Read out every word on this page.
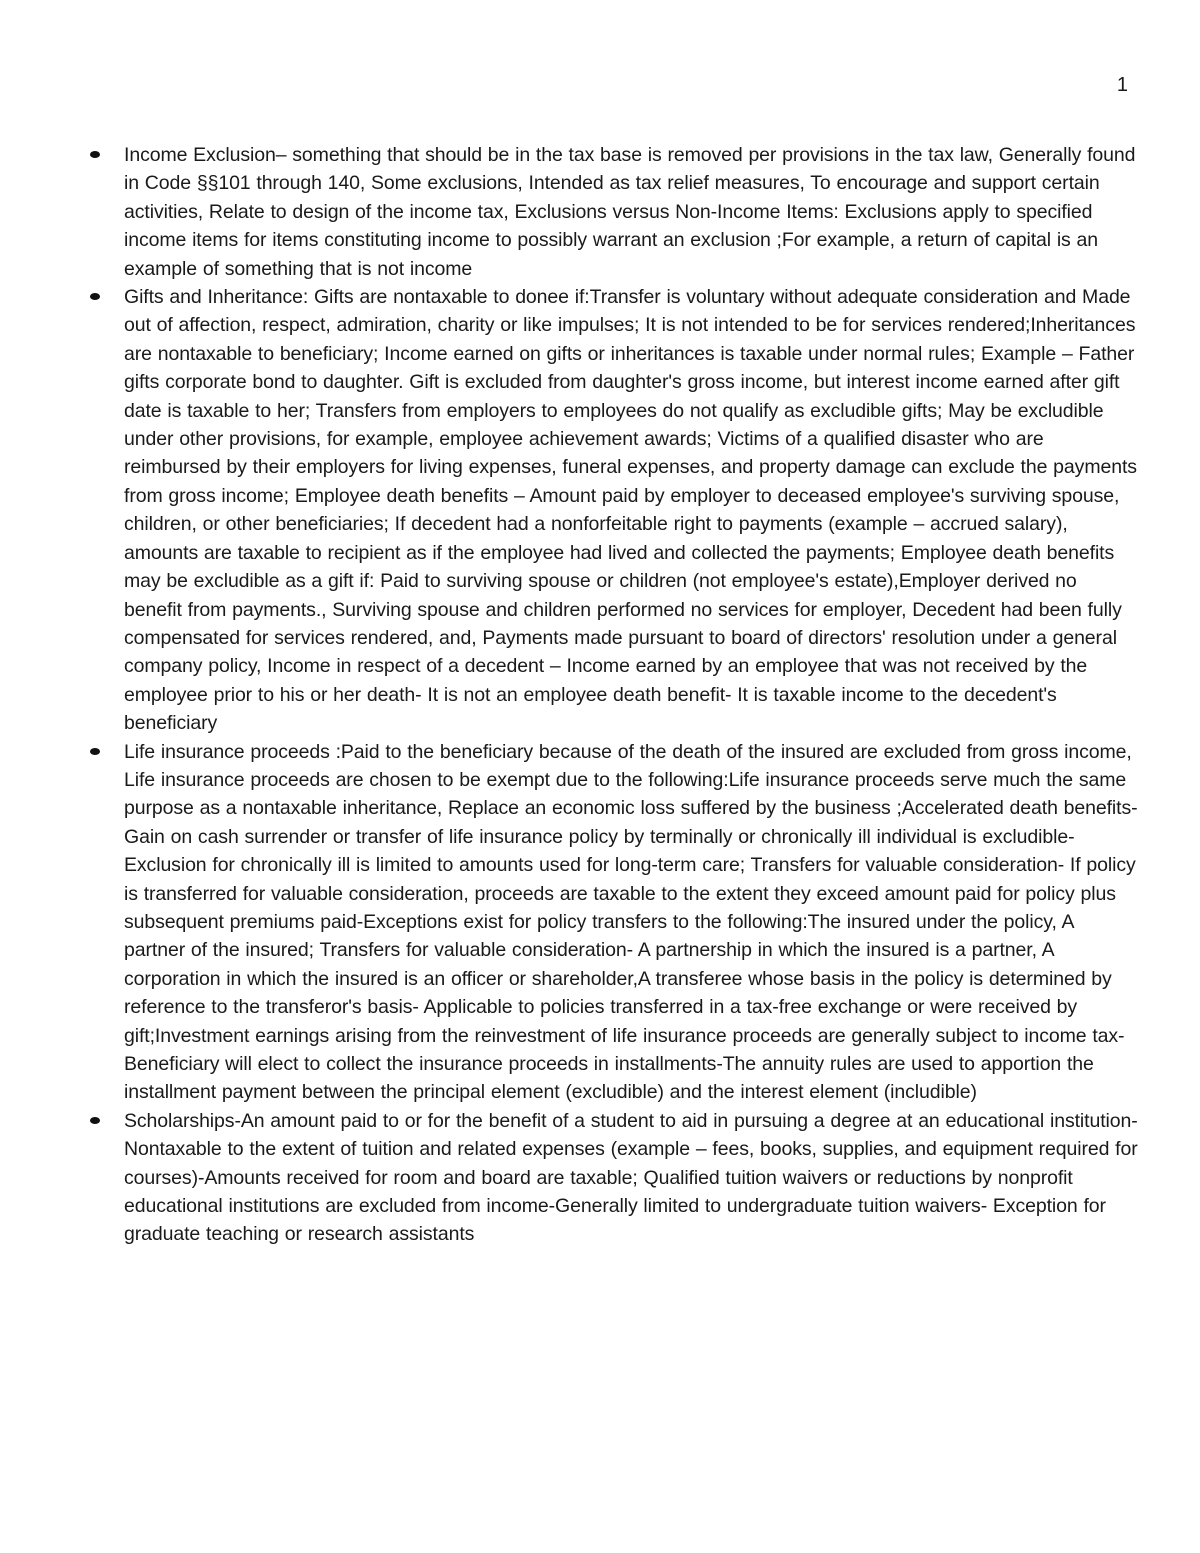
1
Income Exclusion– something that should be in the tax base is removed per provisions in the tax law, Generally found in Code §§101 through 140, Some exclusions, Intended as tax relief measures, To encourage and support certain activities, Relate to design of the income tax, Exclusions versus Non-Income Items: Exclusions apply to specified income items for items constituting income to possibly warrant an exclusion ;For example, a return of capital is an example of something that is not income
Gifts and Inheritance: Gifts are nontaxable to donee if:Transfer is voluntary without adequate consideration and Made out of affection, respect, admiration, charity or like impulses; It is not intended to be for services rendered;Inheritances are nontaxable to beneficiary; Income earned on gifts or inheritances is taxable under normal rules; Example – Father gifts corporate bond to daughter. Gift is excluded from daughter's gross income, but interest income earned after gift date is taxable to her; Transfers from employers to employees do not qualify as excludible gifts; May be excludible under other provisions, for example, employee achievement awards; Victims of a qualified disaster who are reimbursed by their employers for living expenses, funeral expenses, and property damage can exclude the payments from gross income; Employee death benefits – Amount paid by employer to deceased employee's surviving spouse, children, or other beneficiaries; If decedent had a nonforfeitable right to payments (example – accrued salary), amounts are taxable to recipient as if the employee had lived and collected the payments; Employee death benefits may be excludible as a gift if: Paid to surviving spouse or children (not employee's estate),Employer derived no benefit from payments., Surviving spouse and children performed no services for employer, Decedent had been fully compensated for services rendered, and, Payments made pursuant to board of directors' resolution under a general company policy, Income in respect of a decedent – Income earned by an employee that was not received by the employee prior to his or her death- It is not an employee death benefit- It is taxable income to the decedent's beneficiary
Life insurance proceeds :Paid to the beneficiary because of the death of the insured are excluded from gross income, Life insurance proceeds are chosen to be exempt due to the following:Life insurance proceeds serve much the same purpose as a nontaxable inheritance, Replace an economic loss suffered by the business ;Accelerated death benefits-Gain on cash surrender or transfer of life insurance policy by terminally or chronically ill individual is excludible- Exclusion for chronically ill is limited to amounts used for long-term care; Transfers for valuable consideration- If policy is transferred for valuable consideration, proceeds are taxable to the extent they exceed amount paid for policy plus subsequent premiums paid-Exceptions exist for policy transfers to the following:The insured under the policy, A partner of the insured; Transfers for valuable consideration- A partnership in which the insured is a partner, A corporation in which the insured is an officer or shareholder,A transferee whose basis in the policy is determined by reference to the transferor's basis- Applicable to policies transferred in a tax-free exchange or were received by gift;Investment earnings arising from the reinvestment of life insurance proceeds are generally subject to income tax-Beneficiary will elect to collect the insurance proceeds in installments-The annuity rules are used to apportion the installment payment between the principal element (excludible) and the interest element (includible)
Scholarships-An amount paid to or for the benefit of a student to aid in pursuing a degree at an educational institution-Nontaxable to the extent of tuition and related expenses (example – fees, books, supplies, and equipment required for courses)-Amounts received for room and board are taxable; Qualified tuition waivers or reductions by nonprofit educational institutions are excluded from income-Generally limited to undergraduate tuition waivers- Exception for graduate teaching or research assistants
